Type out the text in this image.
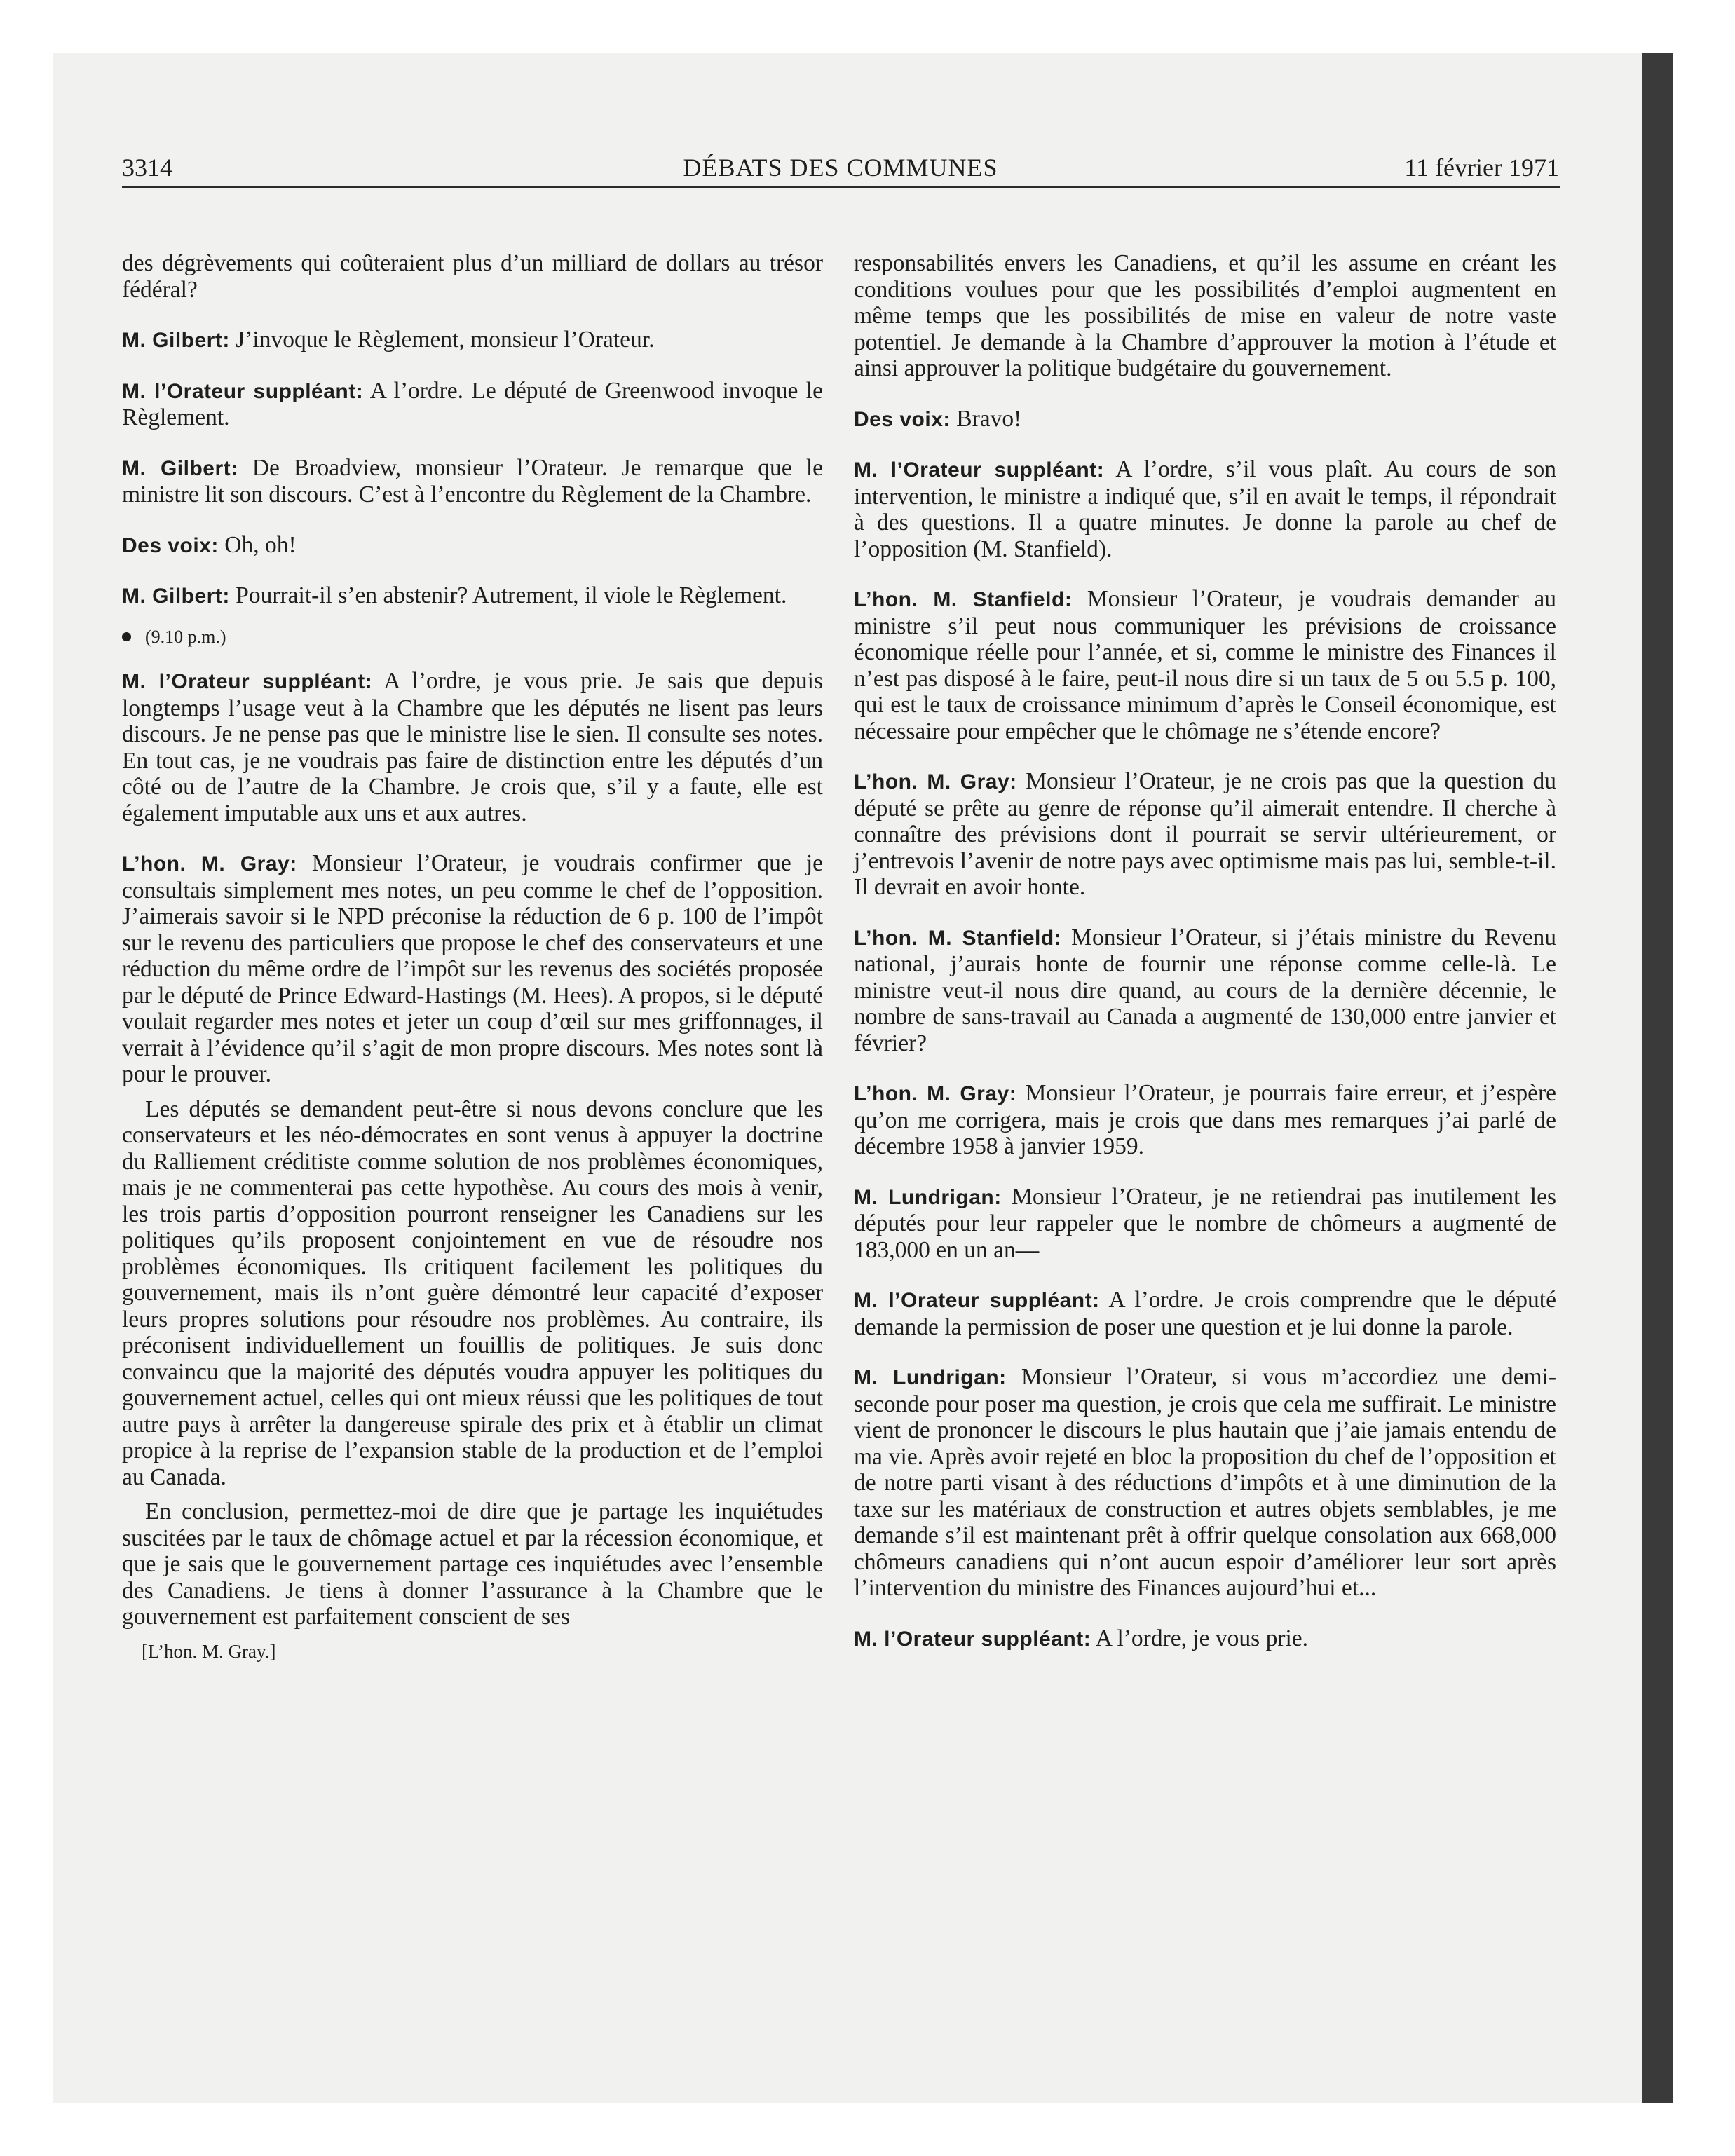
3314	DÉBATS DES COMMUNES	11 février 1971

des dégrèvements qui coûteraient plus d’un milliard de dollars au trésor fédéral?

M. Gilbert: J’invoque le Règlement, monsieur l’Orateur.

M. l’Orateur suppléant: A l’ordre. Le député de Greenwood invoque le Règlement.

M. Gilbert: De Broadview, monsieur l’Orateur. Je remarque que le ministre lit son discours. C’est à l’encontre du Règlement de la Chambre.

Des voix: Oh, oh!

M. Gilbert: Pourrait-il s’en abstenir? Autrement, il viole le Règlement.

(9.10 p.m.)

M. l’Orateur suppléant: A l’ordre, je vous prie. Je sais que depuis longtemps l’usage veut à la Chambre que les députés ne lisent pas leurs discours. Je ne pense pas que le ministre lise le sien. Il consulte ses notes. En tout cas, je ne voudrais pas faire de distinction entre les députés d’un côté ou de l’autre de la Chambre. Je crois que, s’il y a faute, elle est également imputable aux uns et aux autres.

L’hon. M. Gray: Monsieur l’Orateur, je voudrais confirmer que je consultais simplement mes notes, un peu comme le chef de l’opposition. J’aimerais savoir si le NPD préconise la réduction de 6 p. 100 de l’impôt sur le revenu des particuliers que propose le chef des conservateurs et une réduction du même ordre de l’impôt sur les revenus des sociétés proposée par le député de Prince Edward-Hastings (M. Hees). A propos, si le député voulait regarder mes notes et jeter un coup d’œil sur mes griffonnages, il verrait à l’évidence qu’il s’agit de mon propre discours. Mes notes sont là pour le prouver.

Les députés se demandent peut-être si nous devons conclure que les conservateurs et les néo-démocrates en sont venus à appuyer la doctrine du Ralliement créditiste comme solution de nos problèmes économiques, mais je ne commenterai pas cette hypothèse. Au cours des mois à venir, les trois partis d’opposition pourront renseigner les Canadiens sur les politiques qu’ils proposent conjointement en vue de résoudre nos problèmes économiques. Ils critiquent facilement les politiques du gouvernement, mais ils n’ont guère démontré leur capacité d’exposer leurs propres solutions pour résoudre nos problèmes. Au contraire, ils préconisent individuellement un fouillis de politiques. Je suis donc convaincu que la majorité des députés voudra appuyer les politiques du gouvernement actuel, celles qui ont mieux réussi que les politiques de tout autre pays à arrêter la dangereuse spirale des prix et à établir un climat propice à la reprise de l’expansion stable de la production et de l’emploi au Canada.

En conclusion, permettez-moi de dire que je partage les inquiétudes suscitées par le taux de chômage actuel et par la récession économique, et que je sais que le gouvernement partage ces inquiétudes avec l’ensemble des Canadiens. Je tiens à donner l’assurance à la Chambre que le gouvernement est parfaitement conscient de ses

[L’hon. M. Gray.]

responsabilités envers les Canadiens, et qu’il les assume en créant les conditions voulues pour que les possibilités d’emploi augmentent en même temps que les possibilités de mise en valeur de notre vaste potentiel. Je demande à la Chambre d’approuver la motion à l’étude et ainsi approuver la politique budgétaire du gouvernement.

Des voix: Bravo!

M. l’Orateur suppléant: A l’ordre, s’il vous plaît. Au cours de son intervention, le ministre a indiqué que, s’il en avait le temps, il répondrait à des questions. Il a quatre minutes. Je donne la parole au chef de l’opposition (M. Stanfield).

L’hon. M. Stanfield: Monsieur l’Orateur, je voudrais demander au ministre s’il peut nous communiquer les prévisions de croissance économique réelle pour l’année, et si, comme le ministre des Finances il n’est pas disposé à le faire, peut-il nous dire si un taux de 5 ou 5.5 p. 100, qui est le taux de croissance minimum d’après le Conseil économique, est nécessaire pour empêcher que le chômage ne s’étende encore?

L’hon. M. Gray: Monsieur l’Orateur, je ne crois pas que la question du député se prête au genre de réponse qu’il aimerait entendre. Il cherche à connaître des prévisions dont il pourrait se servir ultérieurement, or j’entrevois l’avenir de notre pays avec optimisme mais pas lui, semble-t-il. Il devrait en avoir honte.

L’hon. M. Stanfield: Monsieur l’Orateur, si j’étais ministre du Revenu national, j’aurais honte de fournir une réponse comme celle-là. Le ministre veut-il nous dire quand, au cours de la dernière décennie, le nombre de sans-travail au Canada a augmenté de 130,000 entre janvier et février?

L’hon. M. Gray: Monsieur l’Orateur, je pourrais faire erreur, et j’espère qu’on me corrigera, mais je crois que dans mes remarques j’ai parlé de décembre 1958 à janvier 1959.

M. Lundrigan: Monsieur l’Orateur, je ne retiendrai pas inutilement les députés pour leur rappeler que le nombre de chômeurs a augmenté de 183,000 en un an—

M. l’Orateur suppléant: A l’ordre. Je crois comprendre que le député demande la permission de poser une question et je lui donne la parole.

M. Lundrigan: Monsieur l’Orateur, si vous m’accordiez une demi-seconde pour poser ma question, je crois que cela me suffirait. Le ministre vient de prononcer le discours le plus hautain que j’aie jamais entendu de ma vie. Après avoir rejeté en bloc la proposition du chef de l’opposition et de notre parti visant à des réductions d’impôts et à une diminution de la taxe sur les matériaux de construction et autres objets semblables, je me demande s’il est maintenant prêt à offrir quelque consolation aux 668,000 chômeurs canadiens qui n’ont aucun espoir d’améliorer leur sort après l’intervention du ministre des Finances aujourd’hui et...

M. l’Orateur suppléant: A l’ordre, je vous prie.
